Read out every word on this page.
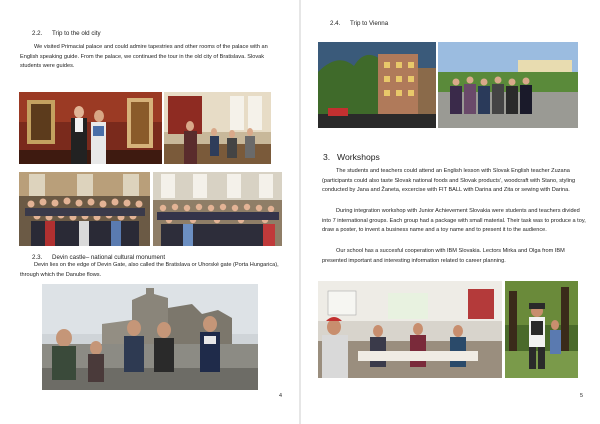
2.2. Trip to the old city
We visited Primacial palace and could admire tapestries and other rooms of the palace with an English speaking guide. From the palace, we continued the tour in the old city of Bratislava. Slovak students were guides.
2.3. Devin castle– national cultural monument
Devin lies on the edge of Devin Gate, also called the Bratislava or Uhorské gate (Porta Hungarica), through which the Danube flows.
4
2.4. Trip to Vienna
3. Workshops
The students and teachers could attend an English lesson with Slovak English teacher Zuzana (participants could also taste Slovak national foods and Slovak products’, woodcraft with Stano, styling conducted by Jana and Žaneta, excercise with FIT BALL with Darina and Zita or sewing with Darina.
During integration workshop with Junior Achievement Slovakia were students and teachers divided into 7 international groups. Each group had a package with small material. Their task was to produce a toy, draw a poster, to invent a business name and a toy name and to present it to the audience.
Our school has a succesful cooperation with IBM Slovakia. Lectors Mirka and Olga from IBM presented important and interesting information related to career planning.
5
